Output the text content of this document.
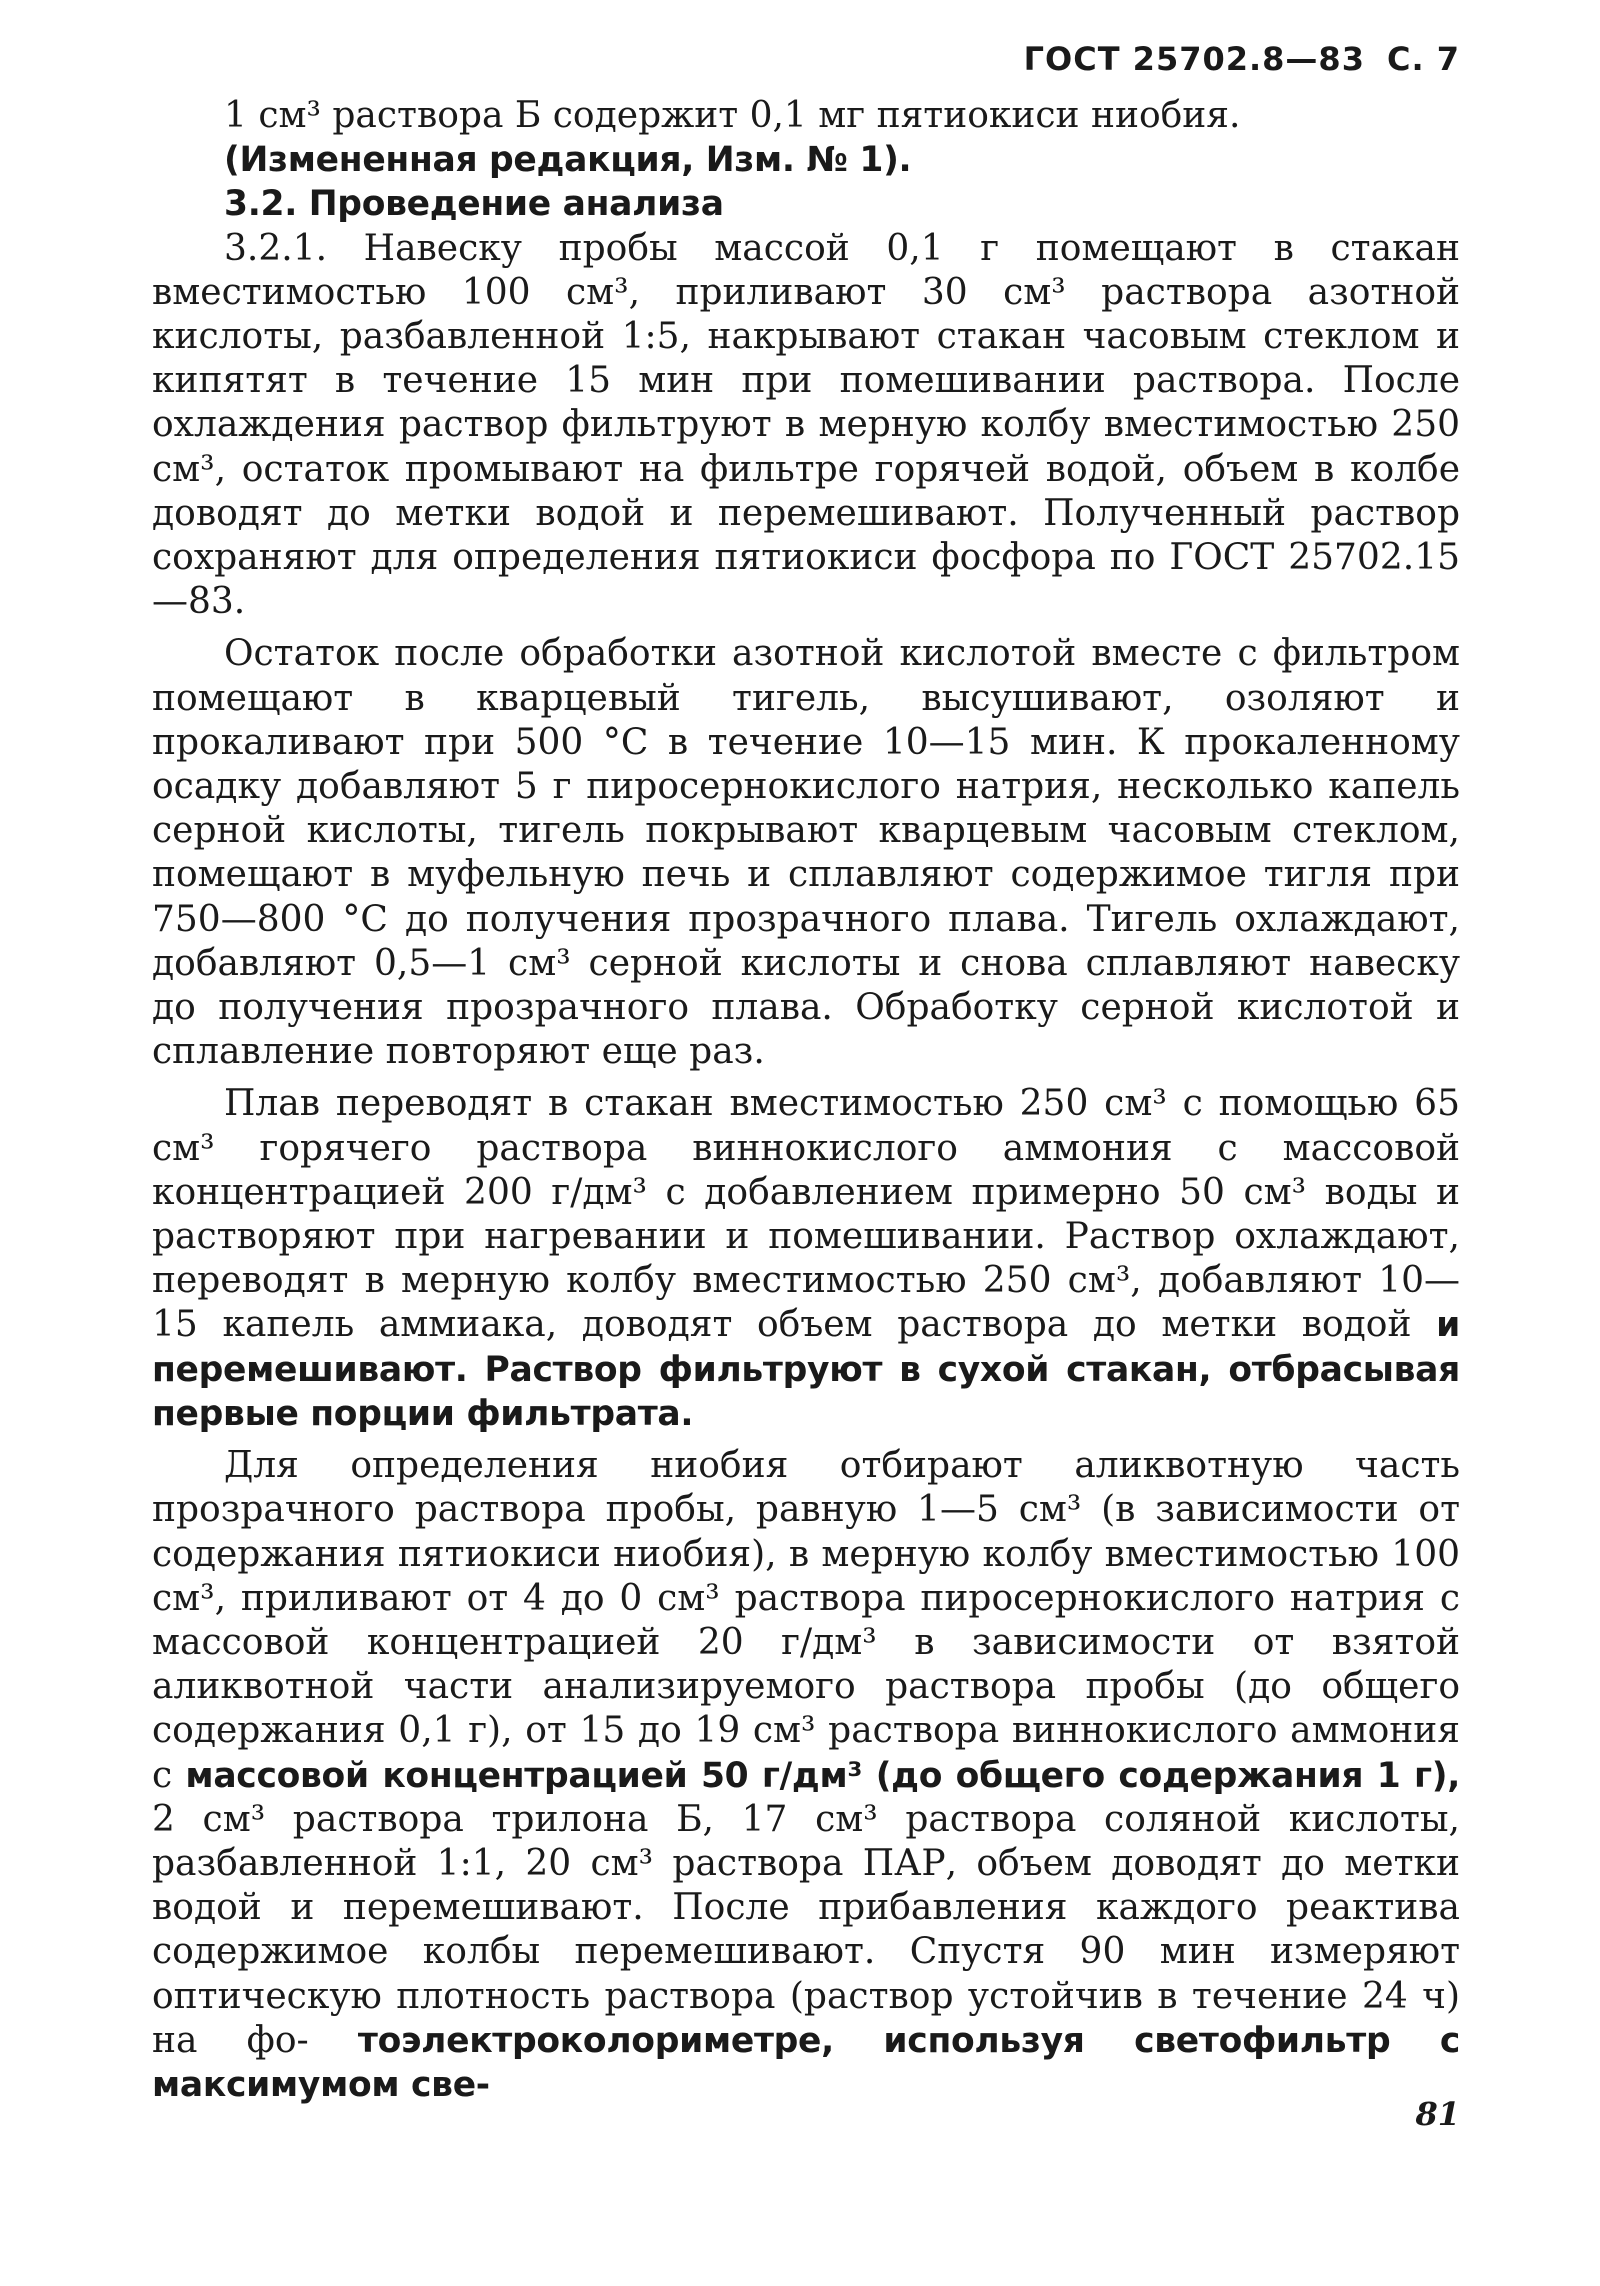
ГОСТ 25702.8—83 С. 7

1 см³ раствора Б содержит 0,1 мг пятиокиси ниобия.

(Измененная редакция, Изм. № 1).

3.2. Проведение анализа

3.2.1. Навеску пробы массой 0,1 г помещают в стакан вместимостью 100 см³, приливают 30 см³ раствора азотной кислоты, разбавленной 1:5, накрывают стакан часовым стеклом и кипятят в течение 15 мин при помешивании раствора. После охлаждения раствор фильтруют в мерную колбу вместимостью 250 см³, остаток промывают на фильтре горячей водой, объем в колбе доводят до метки водой и перемешивают. Полученный раствор сохраняют для определения пятиокиси фосфора по ГОСТ 25702.15—83.

Остаток после обработки азотной кислотой вместе с фильтром помещают в кварцевый тигель, высушивают, озоляют и прокаливают при 500 °С в течение 10—15 мин. К прокаленному осадку добавляют 5 г пиросернокислого натрия, несколько капель серной кислоты, тигель покрывают кварцевым часовым стеклом, помещают в муфельную печь и сплавляют содержимое тигля при 750—800 °С до получения прозрачного плава. Тигель охлаждают, добавляют 0,5—1 см³ серной кислоты и снова сплавляют навеску до получения прозрачного плава. Обработку серной кислотой и сплавление повторяют еще раз.

Плав переводят в стакан вместимостью 250 см³ с помощью 65 см³ горячего раствора виннокислого аммония с массовой концентрацией 200 г/дм³ с добавлением примерно 50 см³ воды и растворяют при нагревании и помешивании. Раствор охлаждают, переводят в мерную колбу вместимостью 250 см³, добавляют 10—15 капель аммиака, доводят объем раствора до метки водой и перемешивают. Раствор фильтруют в сухой стакан, отбрасывая первые порции фильтрата.

Для определения ниобия отбирают аликвотную часть прозрачного раствора пробы, равную 1—5 см³ (в зависимости от содержания пятиокиси ниобия), в мерную колбу вместимостью 100 см³, приливают от 4 до 0 см³ раствора пиросернокислого натрия с массовой концентрацией 20 г/дм³ в зависимости от взятой аликвотной части анализируемого раствора пробы (до общего содержания 0,1 г), от 15 до 19 см³ раствора виннокислого аммония с массовой концентрацией 50 г/дм³ (до общего содержания 1 г), 2 см³ раствора трилона Б, 17 см³ раствора соляной кислоты, разбавленной 1:1, 20 см³ раствора ПАР, объем доводят до метки водой и перемешивают. После прибавления каждого реактива содержимое колбы перемешивают. Спустя 90 мин измеряют оптическую плотность раствора (раствор устойчив в течение 24 ч) на фо- тоэлектроколориметре, используя светофильтр с максимумом све-

81
